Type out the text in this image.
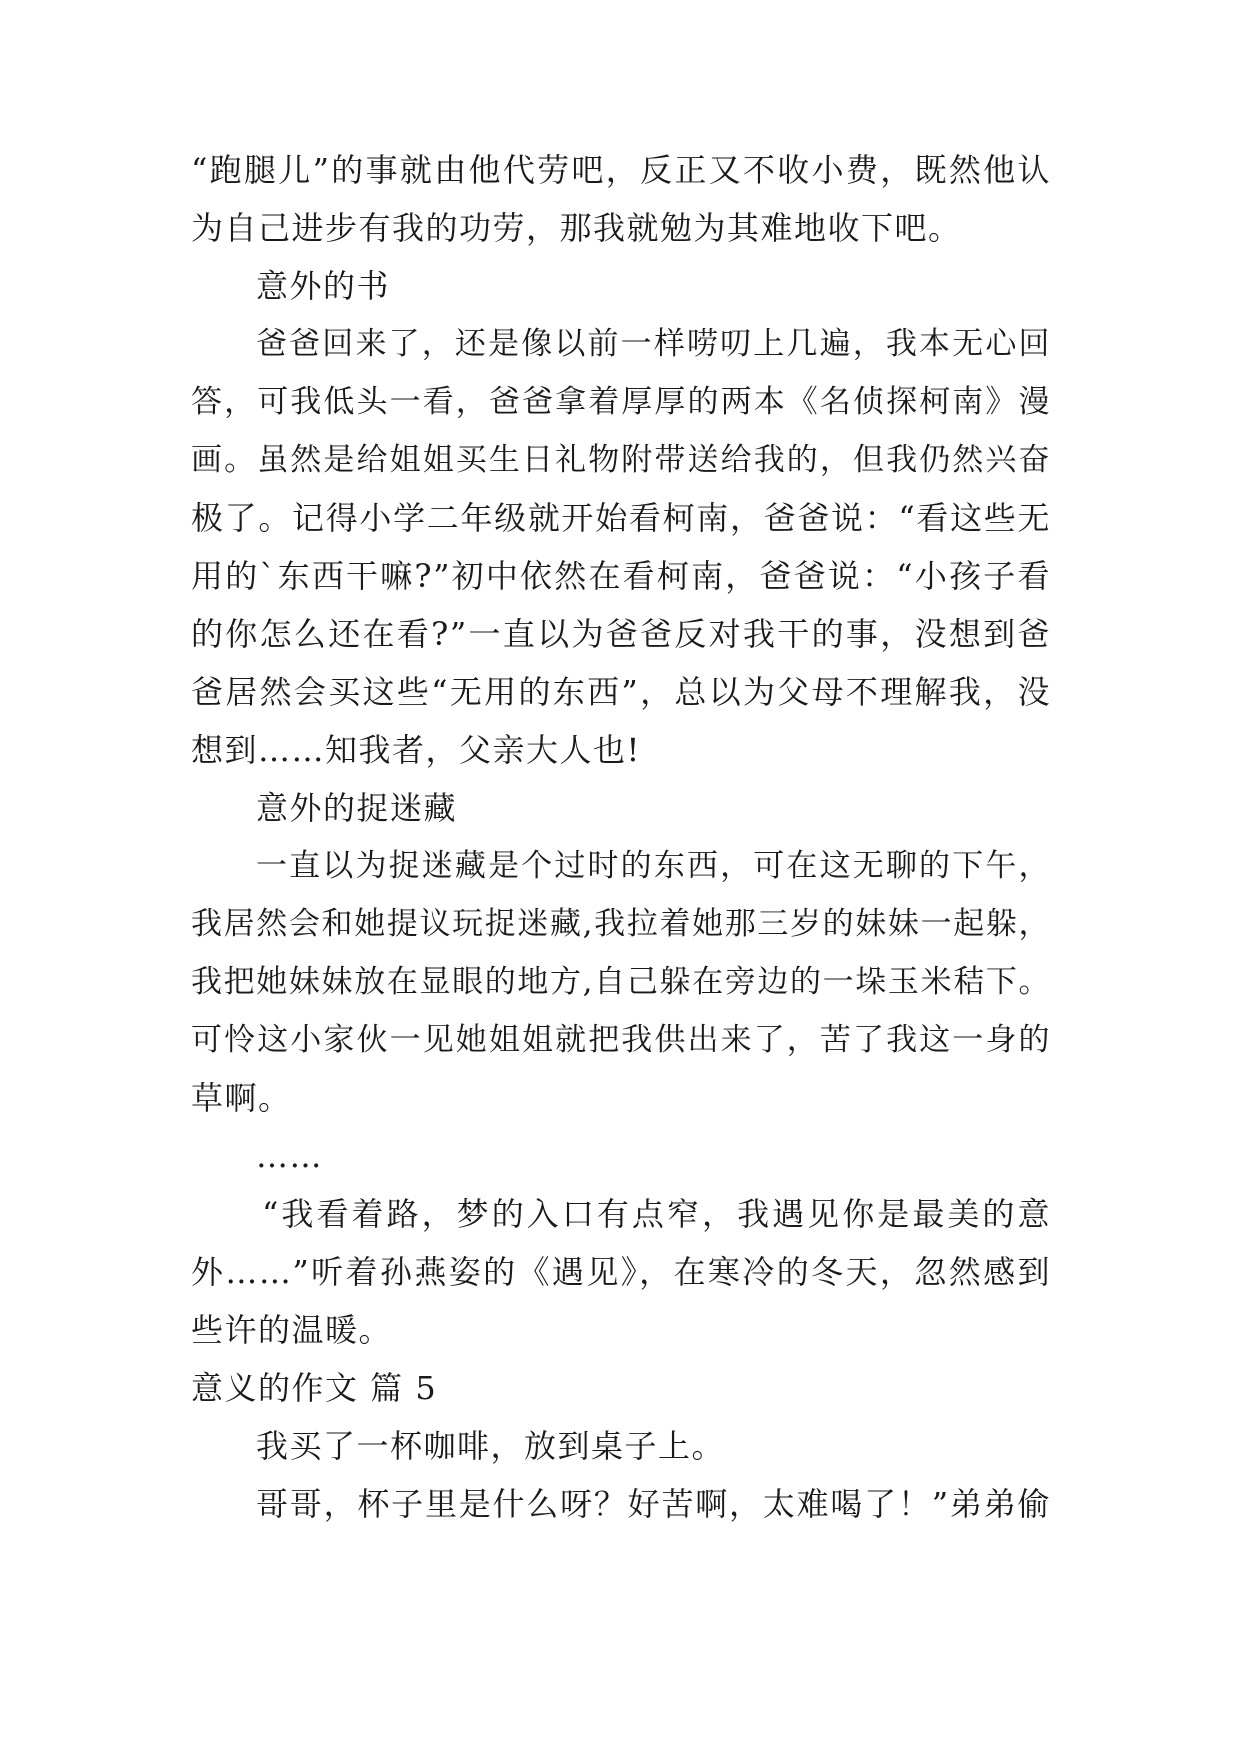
“跑腿儿”的事就由他代劳吧，反正又不收小费，既然他认
为自己进步有我的功劳，那我就勉为其难地收下吧。
意外的书
爸爸回来了，还是像以前一样唠叨上几遍，我本无心回
答，可我低头一看，爸爸拿着厚厚的两本《名侦探柯南》漫
画。虽然是给姐姐买生日礼物附带送给我的，但我仍然兴奋
极了。记得小学二年级就开始看柯南，爸爸说：“看这些无
用的`东西干嘛?”初中依然在看柯南，爸爸说：“小孩子看
的你怎么还在看?”一直以为爸爸反对我干的事，没想到爸
爸居然会买这些“无用的东西”，总以为父母不理解我，没
想到……知我者，父亲大人也!
意外的捉迷藏
一直以为捉迷藏是个过时的东西，可在这无聊的下午，
我居然会和她提议玩捉迷藏,我拉着她那三岁的妹妹一起躲，
我把她妹妹放在显眼的地方,自己躲在旁边的一垛玉米秸下。
可怜这小家伙一见她姐姐就把我供出来了，苦了我这一身的
草啊。
……
“我看着路，梦的入口有点窄，我遇见你是最美的意
外……”听着孙燕姿的《遇见》，在寒冷的冬天，忽然感到
些许的温暖。
意义的作文 篇 5
我买了一杯咖啡，放到桌子上。
哥哥，杯子里是什么呀？好苦啊，太难喝了！”弟弟偷
